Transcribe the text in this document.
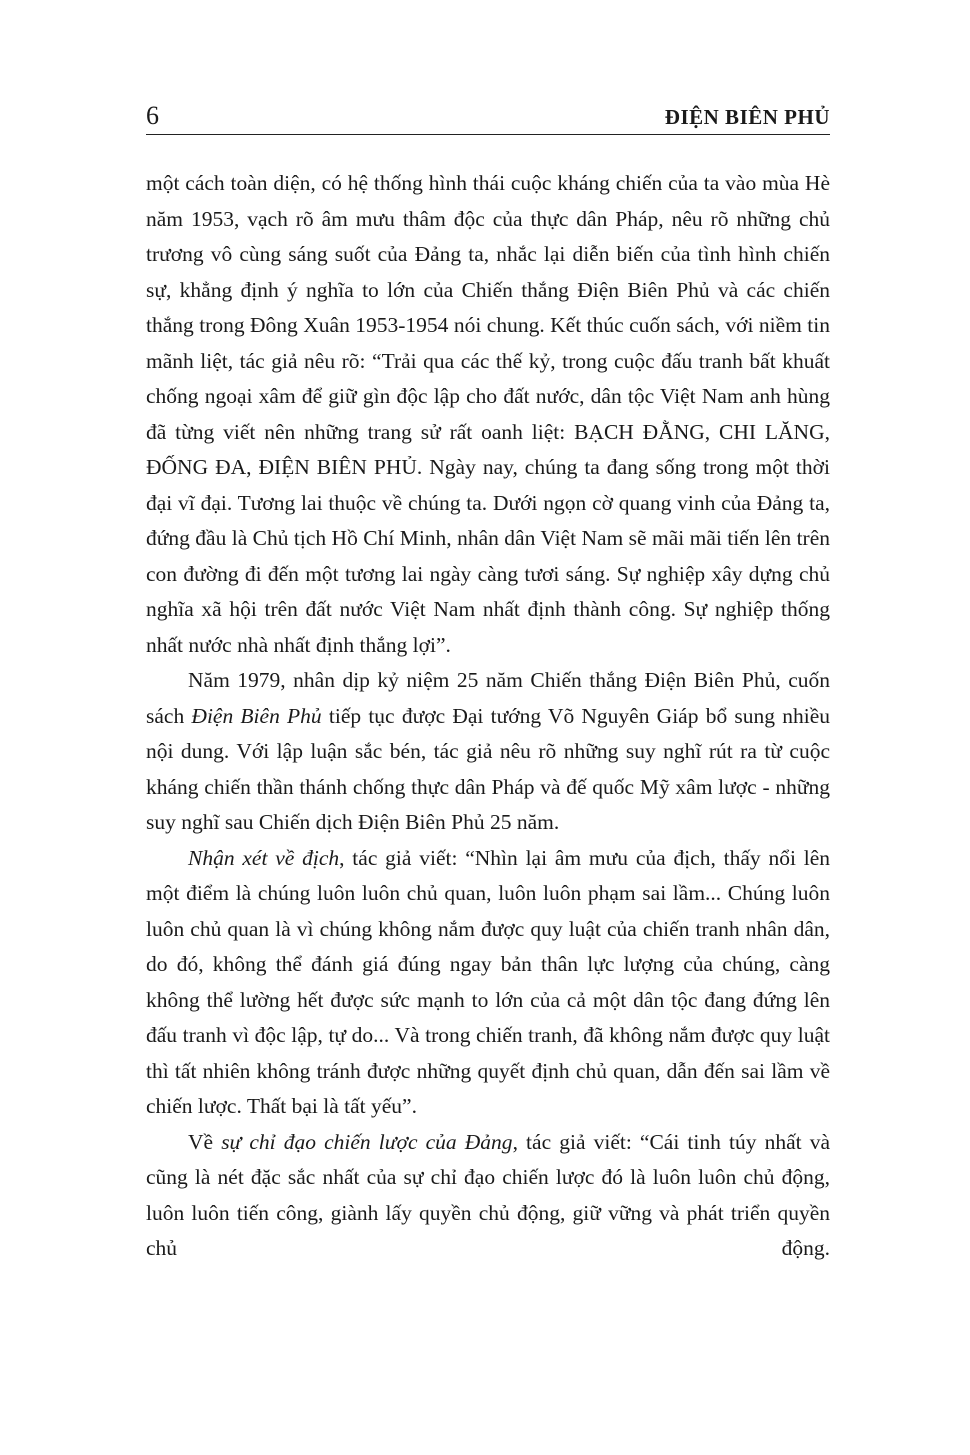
6	ĐIỆN BIÊN PHỦ

một cách toàn diện, có hệ thống hình thái cuộc kháng chiến của ta vào mùa Hè năm 1953, vạch rõ âm mưu thâm độc của thực dân Pháp, nêu rõ những chủ trương vô cùng sáng suốt của Đảng ta, nhắc lại diễn biến của tình hình chiến sự, khẳng định ý nghĩa to lớn của Chiến thắng Điện Biên Phủ và các chiến thắng trong Đông Xuân 1953-1954 nói chung. Kết thúc cuốn sách, với niềm tin mãnh liệt, tác giả nêu rõ: “Trải qua các thế kỷ, trong cuộc đấu tranh bất khuất chống ngoại xâm để giữ gìn độc lập cho đất nước, dân tộc Việt Nam anh hùng đã từng viết nên những trang sử rất oanh liệt: BẠCH ĐẰNG, CHI LĂNG, ĐỐNG ĐA, ĐIỆN BIÊN PHỦ. Ngày nay, chúng ta đang sống trong một thời đại vĩ đại. Tương lai thuộc về chúng ta. Dưới ngọn cờ quang vinh của Đảng ta, đứng đầu là Chủ tịch Hồ Chí Minh, nhân dân Việt Nam sẽ mãi mãi tiến lên trên con đường đi đến một tương lai ngày càng tươi sáng. Sự nghiệp xây dựng chủ nghĩa xã hội trên đất nước Việt Nam nhất định thành công. Sự nghiệp thống nhất nước nhà nhất định thắng lợi”.

Năm 1979, nhân dịp kỷ niệm 25 năm Chiến thắng Điện Biên Phủ, cuốn sách Điện Biên Phủ tiếp tục được Đại tướng Võ Nguyên Giáp bổ sung nhiều nội dung. Với lập luận sắc bén, tác giả nêu rõ những suy nghĩ rút ra từ cuộc kháng chiến thần thánh chống thực dân Pháp và đế quốc Mỹ xâm lược - những suy nghĩ sau Chiến dịch Điện Biên Phủ 25 năm.

Nhận xét về địch, tác giả viết: “Nhìn lại âm mưu của địch, thấy nổi lên một điểm là chúng luôn luôn chủ quan, luôn luôn phạm sai lầm... Chúng luôn luôn chủ quan là vì chúng không nắm được quy luật của chiến tranh nhân dân, do đó, không thể đánh giá đúng ngay bản thân lực lượng của chúng, càng không thể lường hết được sức mạnh to lớn của cả một dân tộc đang đứng lên đấu tranh vì độc lập, tự do... Và trong chiến tranh, đã không nắm được quy luật thì tất nhiên không tránh được những quyết định chủ quan, dẫn đến sai lầm về chiến lược. Thất bại là tất yếu”.

Về sự chỉ đạo chiến lược của Đảng, tác giả viết: “Cái tinh túy nhất và cũng là nét đặc sắc nhất của sự chỉ đạo chiến lược đó là luôn luôn chủ động, luôn luôn tiến công, giành lấy quyền chủ động, giữ vững và phát triển quyền chủ động.
